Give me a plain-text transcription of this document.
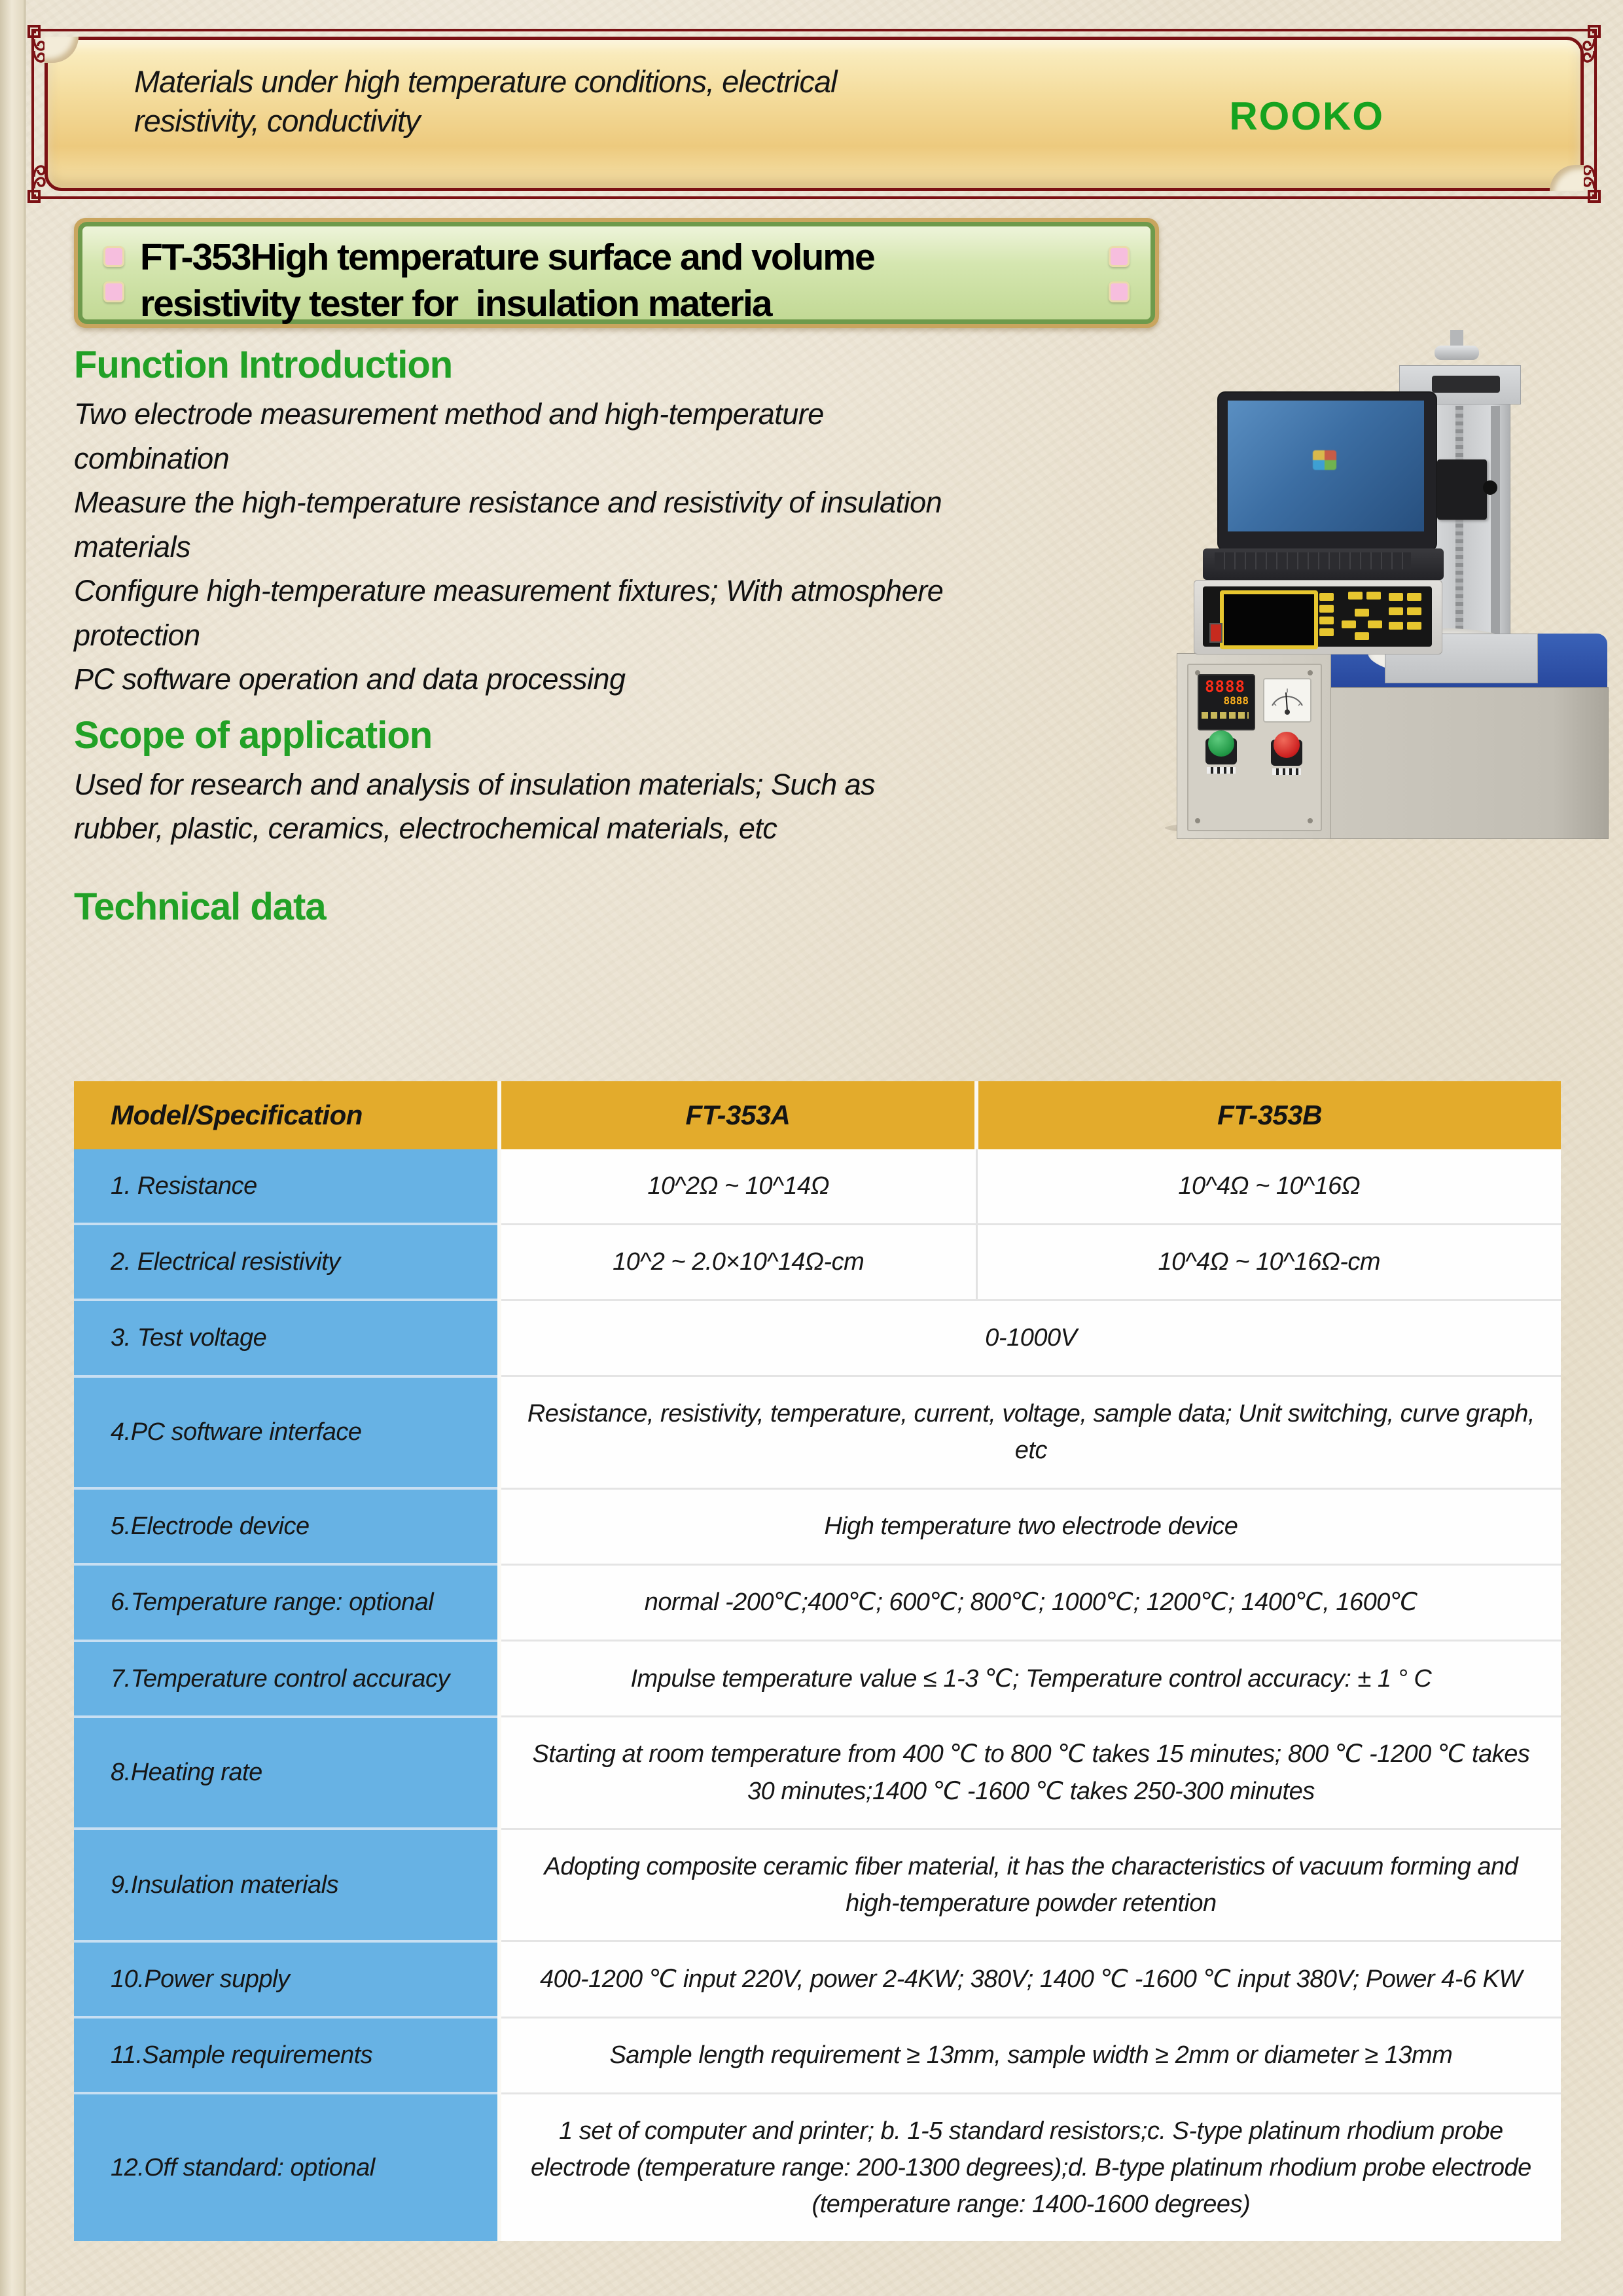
Materials under high temperature conditions, electrical
resistivity, conductivity	ROOKO
FT-353High temperature surface and volume
resistivity tester for  insulation materia
Function Introduction
Two electrode measurement method and high-temperature
combination
Measure the high-temperature resistance and resistivity of insulation
materials
Configure high-temperature measurement fixtures; With atmosphere
protection
PC software operation and data processing
Scope of application
Used for research and analysis of insulation materials; Such as
rubber, plastic, ceramics, electrochemical materials, etc
8888
8888
Technical data
Model/Specification	FT-353A	FT-353B
1. Resistance	10^2Ω ~ 10^14Ω	10^4Ω ~ 10^16Ω
2. Electrical resistivity	10^2 ~ 2.0×10^14Ω-cm	10^4Ω ~ 10^16Ω-cm
3. Test voltage	0-1000V	
4.PC software interface	Resistance, resistivity, temperature, current, voltage, sample data; Unit switching, curve graph, etc	
5.Electrode device	High temperature two electrode device	
6.Temperature range: optional	normal -200℃;400℃; 600℃; 800℃; 1000℃; 1200℃; 1400℃, 1600℃	
7.Temperature control accuracy	Impulse temperature value ≤ 1-3 ℃; Temperature control accuracy: ± 1 ° C	
8.Heating rate	Starting at room temperature from 400 ℃ to 800 ℃ takes 15 minutes; 800 ℃ -1200 ℃ takes 30 minutes;1400 ℃ -1600 ℃ takes 250-300 minutes	
9.Insulation materials	Adopting composite ceramic fiber material, it has the characteristics of vacuum forming and high-temperature powder retention	
10.Power supply	400-1200 ℃ input 220V, power 2-4KW; 380V; 1400 ℃ -1600 ℃ input 380V; Power 4-6 KW	
11.Sample requirements	Sample length requirement ≥ 13mm, sample width ≥ 2mm or diameter ≥ 13mm	
12.Off standard: optional	1 set of computer and printer; b. 1-5 standard resistors;c. S-type platinum rhodium probe electrode (temperature range: 200-1300 degrees);d. B-type platinum rhodium probe electrode (temperature range: 1400-1600 degrees)	
